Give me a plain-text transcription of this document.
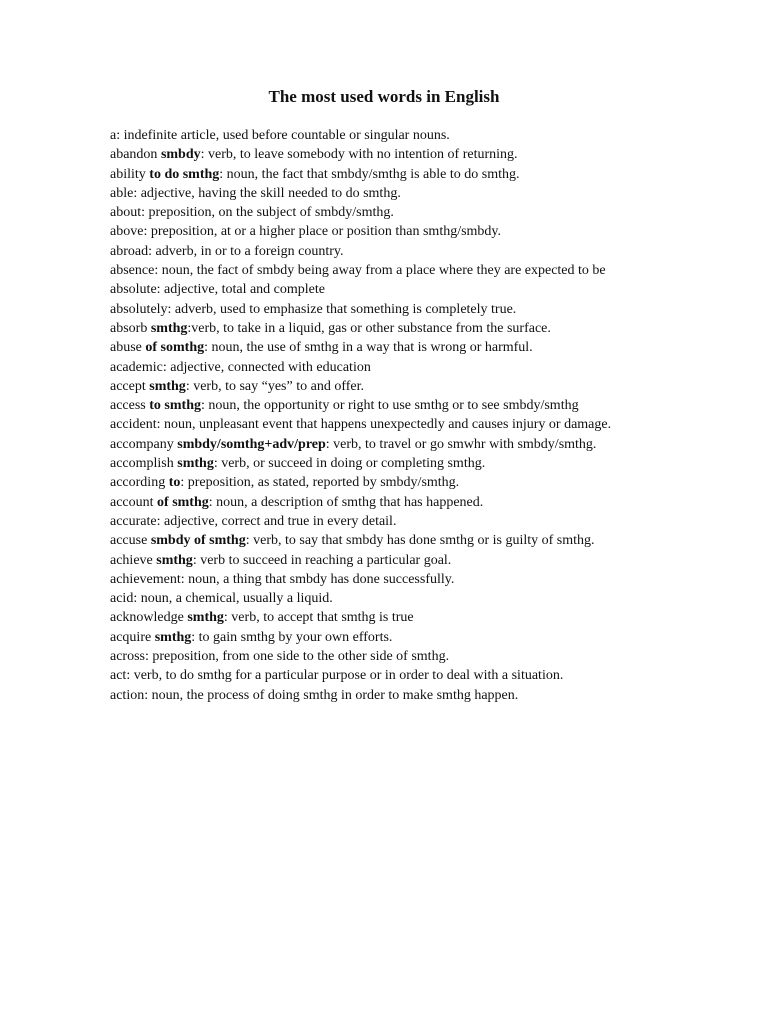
The most used words in English
a: indefinite article, used before countable or singular nouns.
abandon smbdy: verb, to leave somebody with no intention of returning.
ability to do smthg: noun, the fact that smbdy/smthg is able to do smthg.
able: adjective, having the skill needed to do smthg.
about: preposition, on the subject of smbdy/smthg.
above: preposition, at or a higher place or position than smthg/smbdy.
abroad: adverb, in or to a foreign country.
absence: noun, the fact of smbdy being away from a place where they are expected to be
absolute: adjective, total and complete
absolutely: adverb, used to emphasize that something is completely true.
absorb smthg:verb, to take in a liquid, gas or other substance from the surface.
abuse of somthg: noun, the use of smthg in a way that is wrong or harmful.
academic: adjective, connected with education
accept smthg: verb, to say “yes” to and offer.
access to smthg: noun, the opportunity or right to use smthg or to see smbdy/smthg
accident: noun, unpleasant event that happens unexpectedly and causes injury or damage.
accompany smbdy/somthg+adv/prep: verb, to travel or go smwhr with smbdy/smthg.
accomplish smthg: verb, or succeed in doing or completing smthg.
according to: preposition, as stated, reported by smbdy/smthg.
account of smthg: noun, a description of smthg that has happened.
accurate: adjective, correct and true in every detail.
accuse smbdy of smthg: verb, to say that smbdy has done smthg or is guilty of smthg.
achieve smthg: verb to succeed in reaching a particular goal.
achievement: noun, a thing that smbdy has done successfully.
acid: noun, a chemical, usually a liquid.
acknowledge smthg: verb, to accept that smthg is true
acquire smthg: to gain smthg by your own efforts.
across: preposition, from one side to the other side of smthg.
act: verb, to do smthg for a particular purpose or in order to deal with a situation.
action: noun, the process of doing smthg in order to make smthg happen.
